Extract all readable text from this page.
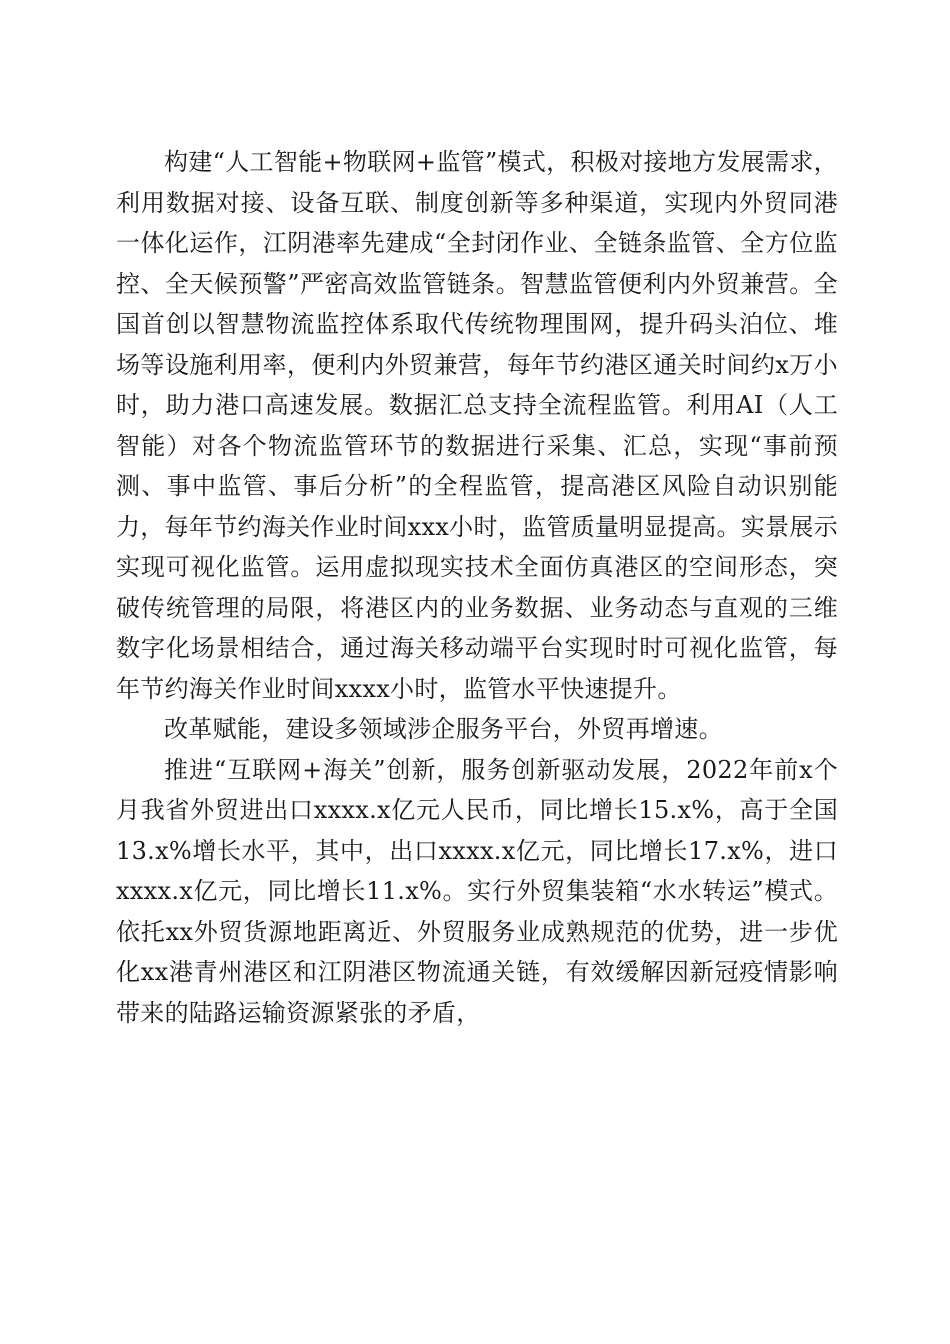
构建“人工智能+物联网+监管”模式，积极对接地方发展需求，利用数据对接、设备互联、制度创新等多种渠道，实现内外贸同港一体化运作，江阴港率先建成“全封闭作业、全链条监管、全方位监控、全天候预警”严密高效监管链条。智慧监管便利内外贸兼营。全国首创以智慧物流监控体系取代传统物理围网，提升码头泊位、堆场等设施利用率，便利内外贸兼营，每年节约港区通关时间约x万小时，助力港口高速发展。数据汇总支持全流程监管。利用AI（人工智能）对各个物流监管环节的数据进行采集、汇总，实现“事前预测、事中监管、事后分析”的全程监管，提高港区风险自动识别能力，每年节约海关作业时间xxx小时，监管质量明显提高。实景展示实现可视化监管。运用虚拟现实技术全面仿真港区的空间形态，突破传统管理的局限，将港区内的业务数据、业务动态与直观的三维数字化场景相结合，通过海关移动端平台实现时时可视化监管，每年节约海关作业时间xxxx小时，监管水平快速提升。

改革赋能，建设多领域涉企服务平台，外贸再增速。

推进“互联网+海关”创新，服务创新驱动发展，2022年前x个月我省外贸进出口xxxx.x亿元人民币，同比增长15.x%，高于全国13.x%增长水平，其中，出口xxxx.x亿元，同比增长17.x%，进口xxxx.x亿元，同比增长11.x%。实行外贸集装箱“水水转运”模式。依托xx外贸货源地距离近、外贸服务业成熟规范的优势，进一步优化xx港青州港区和江阴港区物流通关链，有效缓解因新冠疫情影响带来的陆路运输资源紧张的矛盾，
